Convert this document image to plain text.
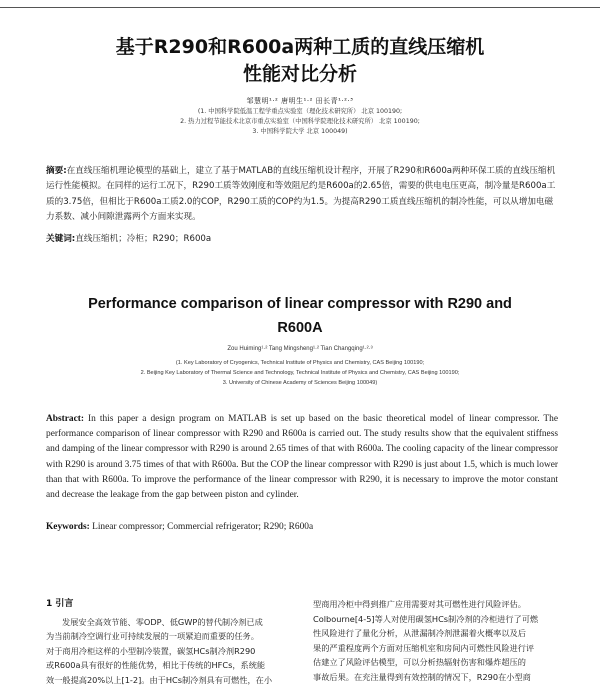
基于R290和R600a两种工质的直线压缩机
性能对比分析
邹慧明¹·² 唐明生¹·² 田长青¹·²·³
(1. 中国科学院低温工程学重点实验室（理化技术研究所） 北京 100190;
2. 热力过程节能技术北京市重点实验室（中国科学院理化技术研究所） 北京 100190;
3. 中国科学院大学 北京 100049)
摘要:在直线压缩机理论模型的基础上，建立了基于MATLAB的直线压缩机设计程序，开展了R290和R600a两种环保工质的直线压缩机运行性能模拟。在同样的运行工况下，R290工质等效刚度和等效阻尼约是R600a的2.65倍，需要的供电电压更高，制冷量是R600a工质的3.75倍，但相比于R600a工质2.0的COP，R290工质的COP约为1.5。为提高R290工质直线压缩机的制冷性能，可以从增加电磁力系数、减小间隙泄露两个方面来实现。
关键词:直线压缩机；冷柜；R290；R600a
Performance comparison of linear compressor with R290 and
R600A
Zou Huiming¹·² Tang Mingsheng¹·² Tian Changqing¹·²·³
(1. Key Laboratory of Cryogenics, Technical Institute of Physics and Chemistry, CAS Beijing 100190;
2. Beijing Key Laboratory of Thermal Science and Technology, Technical Institute of Physics and Chemistry, CAS Beijing 100190;
3. University of Chinese Academy of Sciences Beijing 100049)
Abstract: In this paper a design program on MATLAB is set up based on the basic theoretical model of linear compressor. The performance comparison of linear compressor with R290 and R600a is carried out. The study results show that the equivalent stiffness and damping of the linear compressor with R290 is around 2.65 times of that with R600a. The cooling capacity of the linear compressor with R290 is around 3.75 times of that with R600a. But the COP the linear compressor with R290 is just about 1.5, which is much lower than that with R600a. To improve the performance of the linear compressor with R290, it is necessary to improve the motor constant and decrease the leakage from the gap between piston and cylinder.
Keywords: Linear compressor; Commercial refrigerator; R290; R600a
1 引言
发展安全高效节能、零ODP、低GWP的替代制冷剂已成
为当前制冷空调行业可持续发展的一项紧迫而重要的任务。
对于商用冷柜这样的小型制冷装置，碳氢HCs制冷剂R290
或R600a具有很好的性能优势，相比于传统的HFCs，系统能
效一般提高20%以上[1-2]。由于HCs制冷剂具有可燃性，在小
型商用冷柜中得到推广应用需要对其可燃性进行风险评估。
Colbourne[4-5]等人对使用碳氢HCs制冷剂的冷柜进行了可燃
性风险进行了量化分析，从泄漏制冷剂泄漏着火概率以及后
果的严重程度两个方面对压缩机室和房间内可燃性风险进行评
估建立了风险评估模型，可以分析热辐射伤害和爆炸超压的
事故后果。在充注量得到有效控制的情况下，R290在小型商
